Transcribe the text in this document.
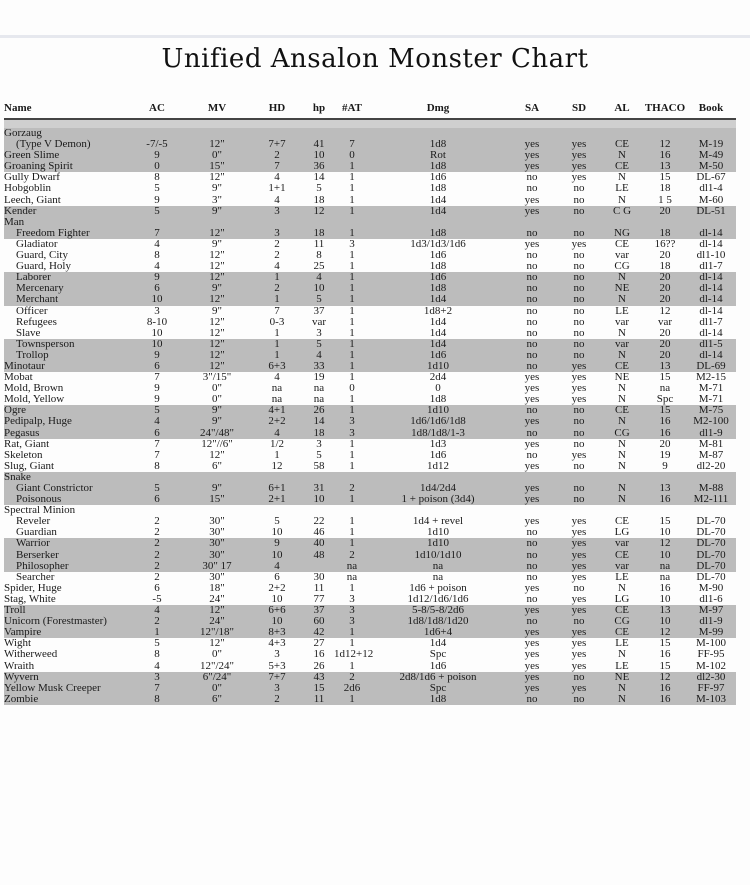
Unified Ansalon Monster Chart
Name	AC	MV	HD	hp	#AT	Dmg	SA	SD	AL	THACO	Book

Gorzaug											
(Type V Demon)	-7/-5	12"	7+7	41	7	1d8	yes	yes	CE	12	M-19
Green Slime	9	0"	2	10	0	Rot	yes	yes	N	16	M-49
Groaning Spirit	0	15"	7	36	1	1d8	yes	yes	CE	13	M-50
Gully Dwarf	8	12"	4	14	1	1d6	no	yes	N	15	DL-67
Hobgoblin	5	9"	1+1	5	1	1d8	no	no	LE	18	dl1-4
Leech, Giant	9	3"	4	18	1	1d4	yes	no	N	1 5	M-60
Kender	5	9"	3	12	1	1d4	yes	no	C G	20	DL-51
Man											
Freedom Fighter	7	12"	3	18	1	1d8	no	no	NG	18	dl-14
Gladiator	4	9"	2	11	3	1d3/1d3/1d6	yes	yes	CE	16??	dl-14
Guard, City	8	12"	2	8	1	1d6	no	no	var	20	dl1-10
Guard, Holy	4	12"	4	25	1	1d8	no	no	CG	18	dl1-7
Laborer	9	12"	1	4	1	1d6	no	no	N	20	dl-14
Mercenary	6	9"	2	10	1	1d8	no	no	NE	20	dl-14
Merchant	10	12"	1	5	1	1d4	no	no	N	20	dl-14
Officer	3	9"	7	37	1	1d8+2	no	no	LE	12	dl-14
Refugees	8-10	12"	0-3	var	1	1d4	no	no	var	var	dl1-7
Slave	10	12"	1	3	1	1d4	no	no	N	20	dl-14
Townsperson	10	12"	1	5	1	1d4	no	no	var	20	dl1-5
Trollop	9	12"	1	4	1	1d6	no	no	N	20	dl-14
Minotaur	6	12"	6+3	33	1	1d10	no	yes	CE	13	DL-69
Mobat	7	3"/15"	4	19	1	2d4	yes	yes	NE	15	M2-15
Mold, Brown	9	0"	na	na	0	0	yes	yes	N	na	M-71
Mold, Yellow	9	0"	na	na	1	1d8	yes	yes	N	Spc	M-71
Ogre	5	9"	4+1	26	1	1d10	no	no	CE	15	M-75
Pedipalp, Huge	4	9"	2+2	14	3	1d6/1d6/1d8	yes	no	N	16	M2-100
Pegasus	6	24"/48"	4	18	3	1d8/1d8/1-3	no	no	CG	16	dl1-9
Rat, Giant	7	12"//6"	1/2	3	1	1d3	yes	no	N	20	M-81
Skeleton	7	12"	1	5	1	1d6	no	yes	N	19	M-87
Slug, Giant	8	6"	12	58	1	1d12	yes	no	N	9	dl2-20
Snake											
Giant Constrictor	5	9"	6+1	31	2	1d4/2d4	yes	no	N	13	M-88
Poisonous	6	15"	2+1	10	1	1 + poison (3d4)	yes	no	N	16	M2-111
Spectral Minion											
Reveler	2	30"	5	22	1	1d4 + revel	yes	yes	CE	15	DL-70
Guardian	2	30"	10	46	1	1d10	no	yes	LG	10	DL-70
Warrior	2	30"	9	40	1	1d10	no	yes	var	12	DL-70
Berserker	2	30"	10	48	2	1d10/1d10	no	yes	CE	10	DL-70
Philosopher	2	30" 17	4		na	na	no	yes	var	na	DL-70
Searcher	2	30"	6	30	na	na	no	yes	LE	na	DL-70
Spider, Huge	6	18"	2+2	11	1	1d6 + poison	yes	no	N	16	M-90
Stag, White	-5	24"	10	77	3	1d12/1d6/1d6	no	yes	LG	10	dl1-6
Troll	4	12"	6+6	37	3	5-8/5-8/2d6	yes	yes	CE	13	M-97
Unicorn (Forestmaster)	2	24"	10	60	3	1d8/1d8/1d20	no	no	CG	10	dl1-9
Vampire	1	12"/18"	8+3	42	1	1d6+4	yes	yes	CE	12	M-99
Wight	5	12"	4+3	27	1	1d4	yes	yes	LE	15	M-100
Witherweed	8	0"	3	16	1d12+12	Spc	yes	yes	N	16	FF-95
Wraith	4	12"/24"	5+3	26	1	1d6	yes	yes	LE	15	M-102
Wyvern	3	6"/24"	7+7	43	2	2d8/1d6 + poison	yes	no	NE	12	dl2-30
Yellow Musk Creeper	7	0"	3	15	2d6	Spc	yes	yes	N	16	FF-97
Zombie	8	6"	2	11	1	1d8	no	no	N	16	M-103
